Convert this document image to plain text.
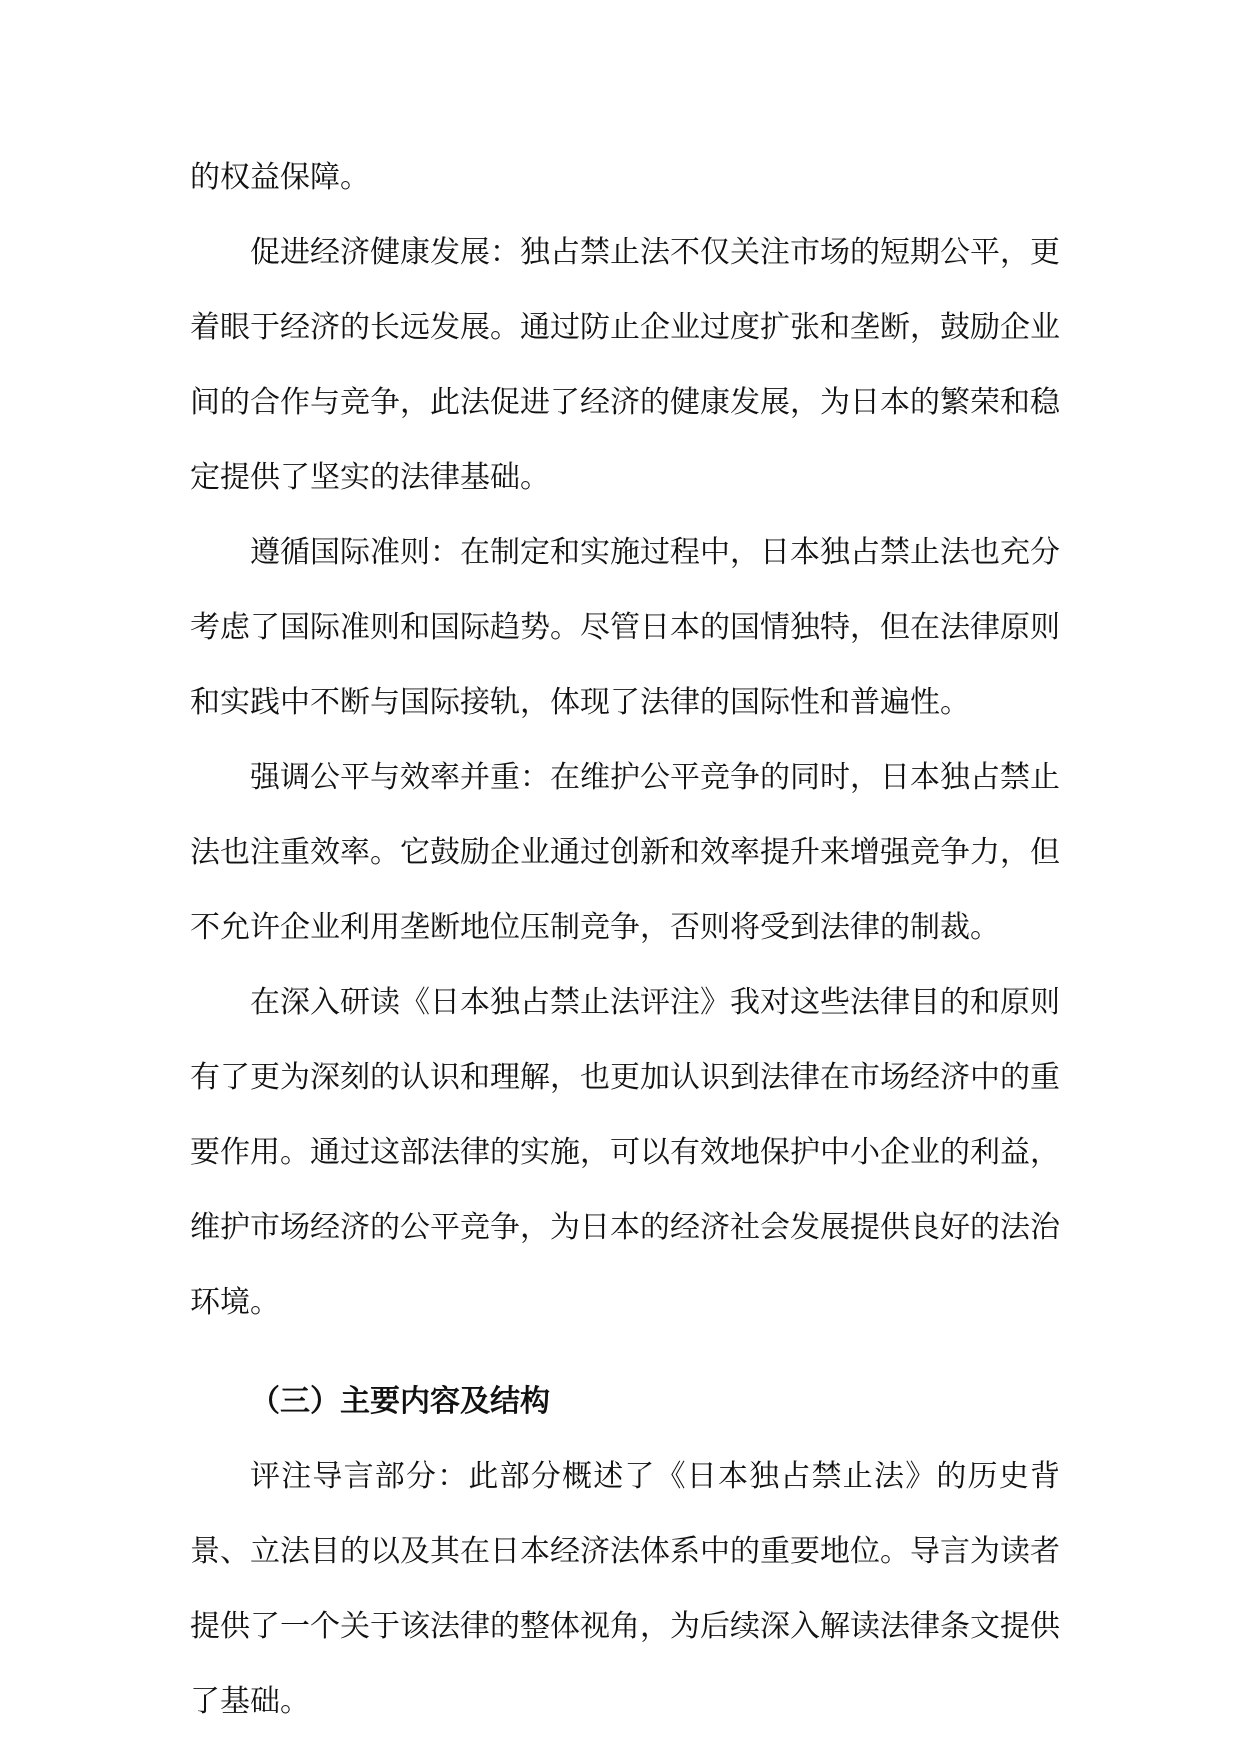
的权益保障。

促进经济健康发展：独占禁止法不仅关注市场的短期公平，更着眼于经济的长远发展。通过防止企业过度扩张和垄断，鼓励企业间的合作与竞争，此法促进了经济的健康发展，为日本的繁荣和稳定提供了坚实的法律基础。

遵循国际准则：在制定和实施过程中，日本独占禁止法也充分考虑了国际准则和国际趋势。尽管日本的国情独特，但在法律原则和实践中不断与国际接轨，体现了法律的国际性和普遍性。

强调公平与效率并重：在维护公平竞争的同时，日本独占禁止法也注重效率。它鼓励企业通过创新和效率提升来增强竞争力，但不允许企业利用垄断地位压制竞争，否则将受到法律的制裁。

在深入研读《日本独占禁止法评注》我对这些法律目的和原则有了更为深刻的认识和理解，也更加认识到法律在市场经济中的重要作用。通过这部法律的实施，可以有效地保护中小企业的利益，维护市场经济的公平竞争，为日本的经济社会发展提供良好的法治环境。

（三）主要内容及结构

评注导言部分：此部分概述了《日本独占禁止法》的历史背景、立法目的以及其在日本经济法体系中的重要地位。导言为读者提供了一个关于该法律的整体视角，为后续深入解读法律条文提供了基础。
